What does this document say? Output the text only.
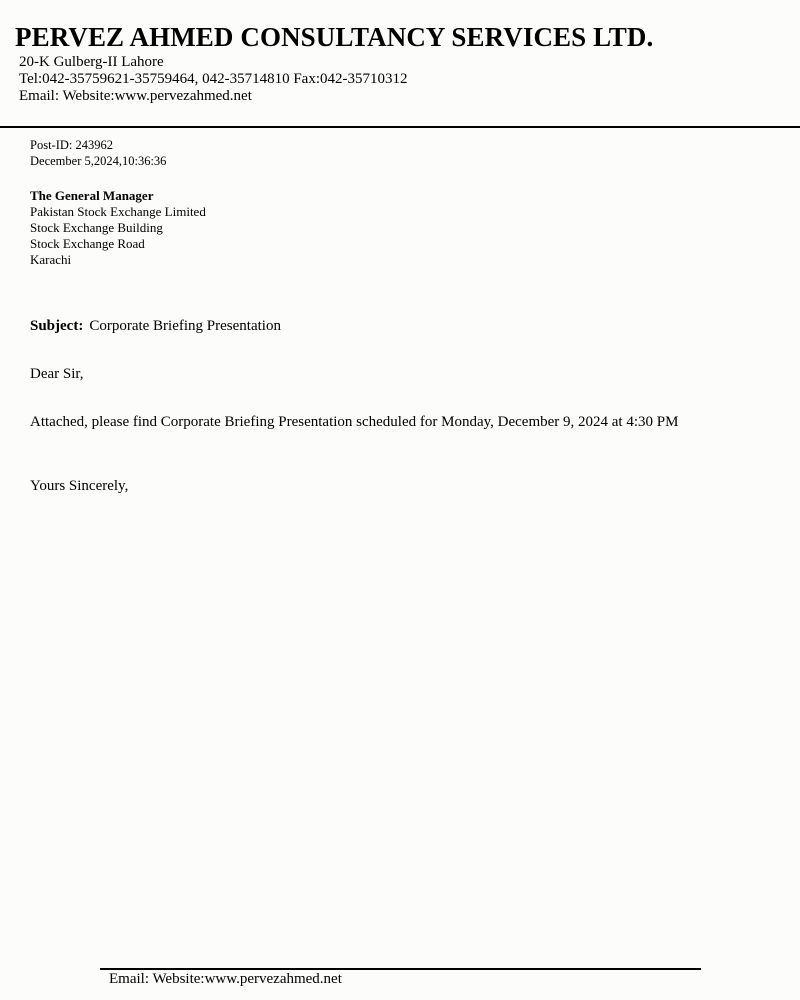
PERVEZ AHMED CONSULTANCY SERVICES LTD.
20-K Gulberg-II Lahore
Tel:042-35759621-35759464, 042-35714810 Fax:042-35710312
Email: Website:www.pervezahmed.net
Post-ID: 243962
December 5,2024,10:36:36
The General Manager
Pakistan Stock Exchange Limited
Stock Exchange Building
Stock Exchange Road
Karachi
Subject: Corporate Briefing Presentation
Dear Sir,
Attached, please find Corporate Briefing Presentation scheduled for Monday, December 9, 2024 at 4:30 PM
Yours Sincerely,
Email: Website:www.pervezahmed.net
